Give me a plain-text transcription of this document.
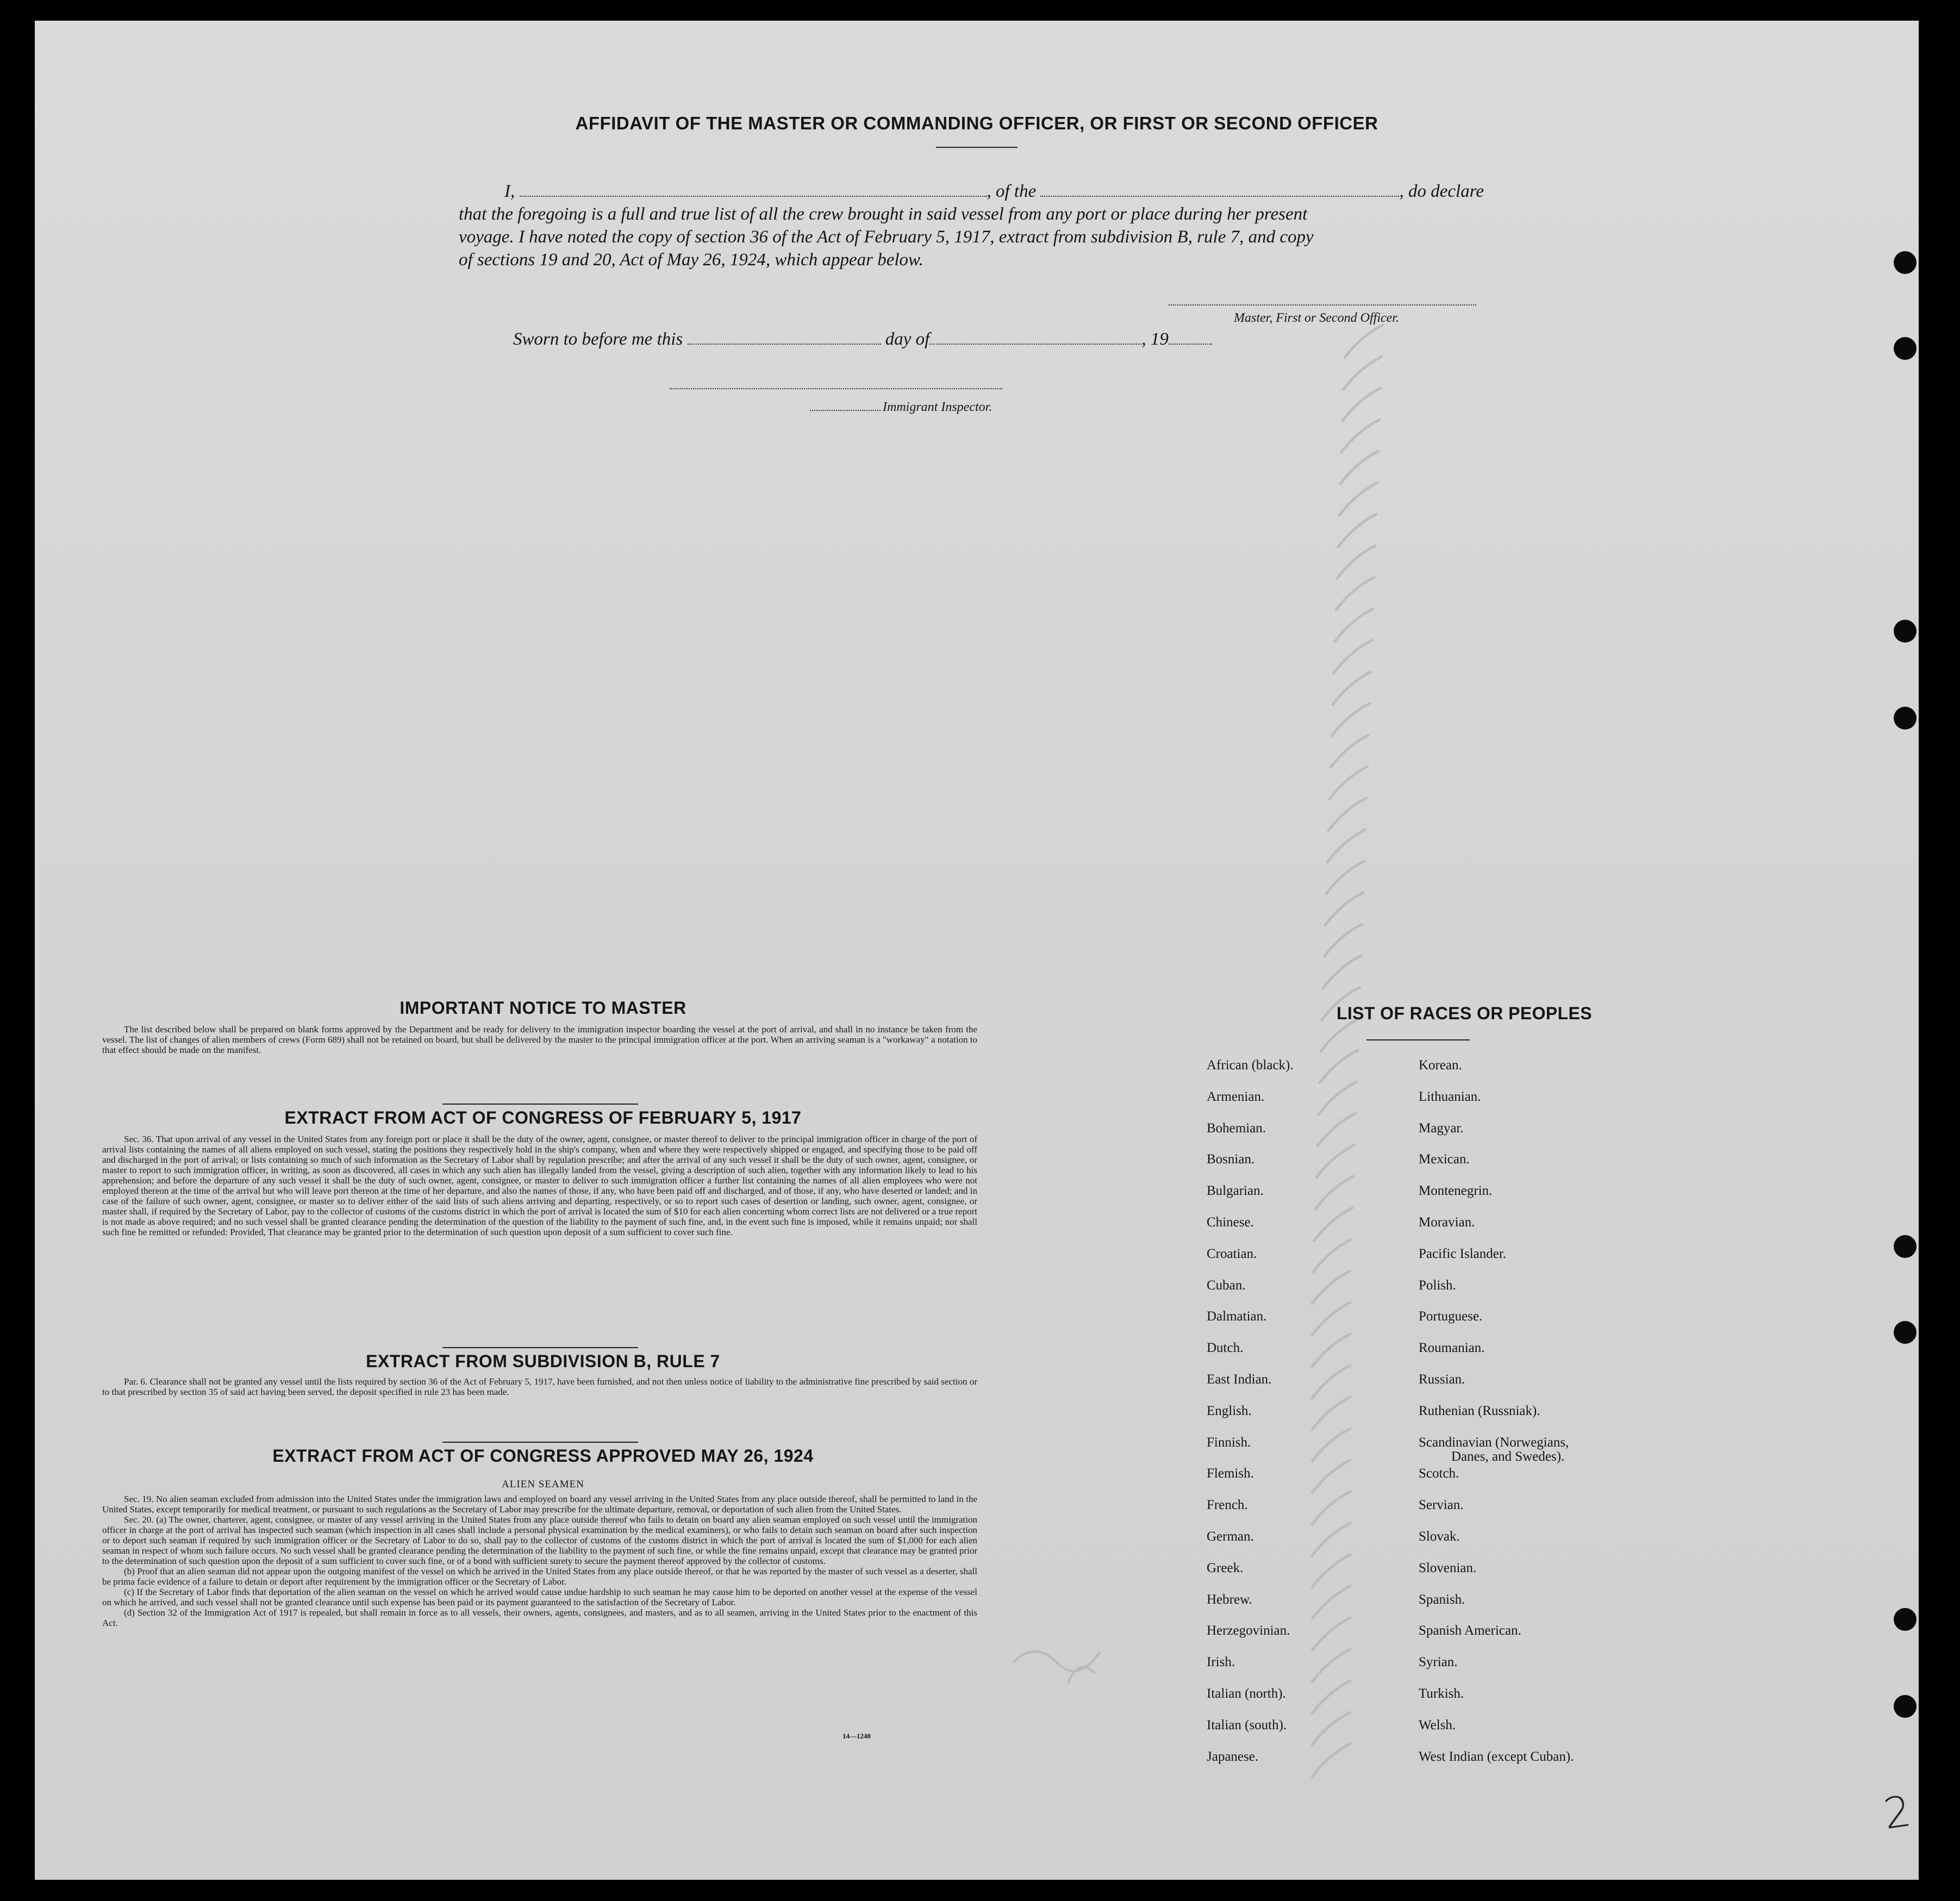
AFFIDAVIT OF THE MASTER OR COMMANDING OFFICER, OR FIRST OR SECOND OFFICER
I,	, of the	, do declare
that the foregoing is a full and true list of all the crew brought in said vessel from any port or place during her present
voyage. I have noted the copy of section 36 of the Act of February 5, 1917, extract from subdivision B, rule 7, and copy
of sections 19 and 20, Act of May 26, 1924, which appear below.
Master, First or Second Officer.
Sworn to before me this	day of	, 19
Immigrant Inspector.
IMPORTANT NOTICE TO MASTER

The list described below shall be prepared on blank forms approved by the Department and be ready for delivery to the immigration inspector boarding the vessel at the port of arrival, and shall in no instance be taken from the vessel. The list of changes of alien members of crews (Form 689) shall not be retained on board, but shall be delivered by the master to the principal immigration officer at the port. When an arriving seaman is a "workaway" a notation to that effect should be made on the manifest.

EXTRACT FROM ACT OF CONGRESS OF FEBRUARY 5, 1917

Sec. 36. That upon arrival of any vessel in the United States from any foreign port or place it shall be the duty of the owner, agent, consignee, or master thereof to deliver to the principal immigration officer in charge of the port of arrival lists containing the names of all aliens employed on such vessel, stating the positions they respectively hold in the ship's company, when and where they were respectively shipped or engaged, and specifying those to be paid off and discharged in the port of arrival; or lists containing so much of such information as the Secretary of Labor shall by regulation prescribe; and after the arrival of any such vessel it shall be the duty of such owner, agent, consignee, or master to report to such immigration officer, in writing, as soon as discovered, all cases in which any such alien has illegally landed from the vessel, giving a description of such alien, together with any information likely to lead to his apprehension; and before the departure of any such vessel it shall be the duty of such owner, agent, consignee, or master to deliver to such immigration officer a further list containing the names of all alien employees who were not employed thereon at the time of the arrival but who will leave port thereon at the time of her departure, and also the names of those, if any, who have been paid off and discharged, and of those, if any, who have deserted or landed; and in case of the failure of such owner, agent, consignee, or master so to deliver either of the said lists of such aliens arriving and departing, respectively, or so to report such cases of desertion or landing, such owner, agent, consignee, or master shall, if required by the Secretary of Labor, pay to the collector of customs of the customs district in which the port of arrival is located the sum of $10 for each alien concerning whom correct lists are not delivered or a true report is not made as above required; and no such vessel shall be granted clearance pending the determination of the question of the liability to the payment of such fine, and, in the event such fine is imposed, while it remains unpaid; nor shall such fine be remitted or refunded: Provided, That clearance may be granted prior to the determination of such question upon deposit of a sum sufficient to cover such fine.

EXTRACT FROM SUBDIVISION B, RULE 7

Par. 6. Clearance shall not be granted any vessel until the lists required by section 36 of the Act of February 5, 1917, have been furnished, and not then unless notice of liability to the administrative fine prescribed by said section or to that prescribed by section 35 of said act having been served, the deposit specified in rule 23 has been made.

EXTRACT FROM ACT OF CONGRESS APPROVED MAY 26, 1924
ALIEN SEAMEN

Sec. 19. No alien seaman excluded from admission into the United States under the immigration laws and employed on board any vessel arriving in the United States from any place outside thereof, shall be permitted to land in the United States, except temporarily for medical treatment, or pursuant to such regulations as the Secretary of Labor may prescribe for the ultimate departure, removal, or deportation of such alien from the United States.

Sec. 20. (a) The owner, charterer, agent, consignee, or master of any vessel arriving in the United States from any place outside thereof who fails to detain on board any alien seaman employed on such vessel until the immigration officer in charge at the port of arrival has inspected such seaman (which inspection in all cases shall include a personal physical examination by the medical examiners), or who fails to detain such seaman on board after such inspection or to deport such seaman if required by such immigration officer or the Secretary of Labor to do so, shall pay to the collector of customs of the customs district in which the port of arrival is located the sum of $1,000 for each alien seaman in respect of whom such failure occurs. No such vessel shall be granted clearance pending the determination of the liability to the payment of such fine, or while the fine remains unpaid, except that clearance may be granted prior to the determination of such question upon the deposit of a sum sufficient to cover such fine, or of a bond with sufficient surety to secure the payment thereof approved by the collector of customs.

(b) Proof that an alien seaman did not appear upon the outgoing manifest of the vessel on which he arrived in the United States from any place outside thereof, or that he was reported by the master of such vessel as a deserter, shall be prima facie evidence of a failure to detain or deport after requirement by the immigration officer or the Secretary of Labor.

(c) If the Secretary of Labor finds that deportation of the alien seaman on the vessel on which he arrived would cause undue hardship to such seaman he may cause him to be deported on another vessel at the expense of the vessel on which he arrived, and such vessel shall not be granted clearance until such expense has been paid or its payment guaranteed to the satisfaction of the Secretary of Labor.

(d) Section 32 of the Immigration Act of 1917 is repealed, but shall remain in force as to all vessels, their owners, agents, consignees, and masters, and as to all seamen, arriving in the United States prior to the enactment of this Act.

14—1240
LIST OF RACES OR PEOPLES
African (black).
Armenian.
Bohemian.
Bosnian.
Bulgarian.
Chinese.
Croatian.
Cuban.
Dalmatian.
Dutch.
East Indian.
English.
Finnish.
Flemish.
French.
German.
Greek.
Hebrew.
Herzegovinian.
Irish.
Italian (north).
Italian (south).
Japanese.
Korean.
Lithuanian.
Magyar.
Mexican.
Montenegrin.
Moravian.
Pacific Islander.
Polish.
Portuguese.
Roumanian.
Russian.
Ruthenian (Russniak).
Scandinavian (Norwegians,
Scotch.
Servian.
Slovak.
Slovenian.
Spanish.
Spanish American.
Syrian.
Turkish.
Welsh.
West Indian (except Cuban).
Danes, and Swedes).
2
